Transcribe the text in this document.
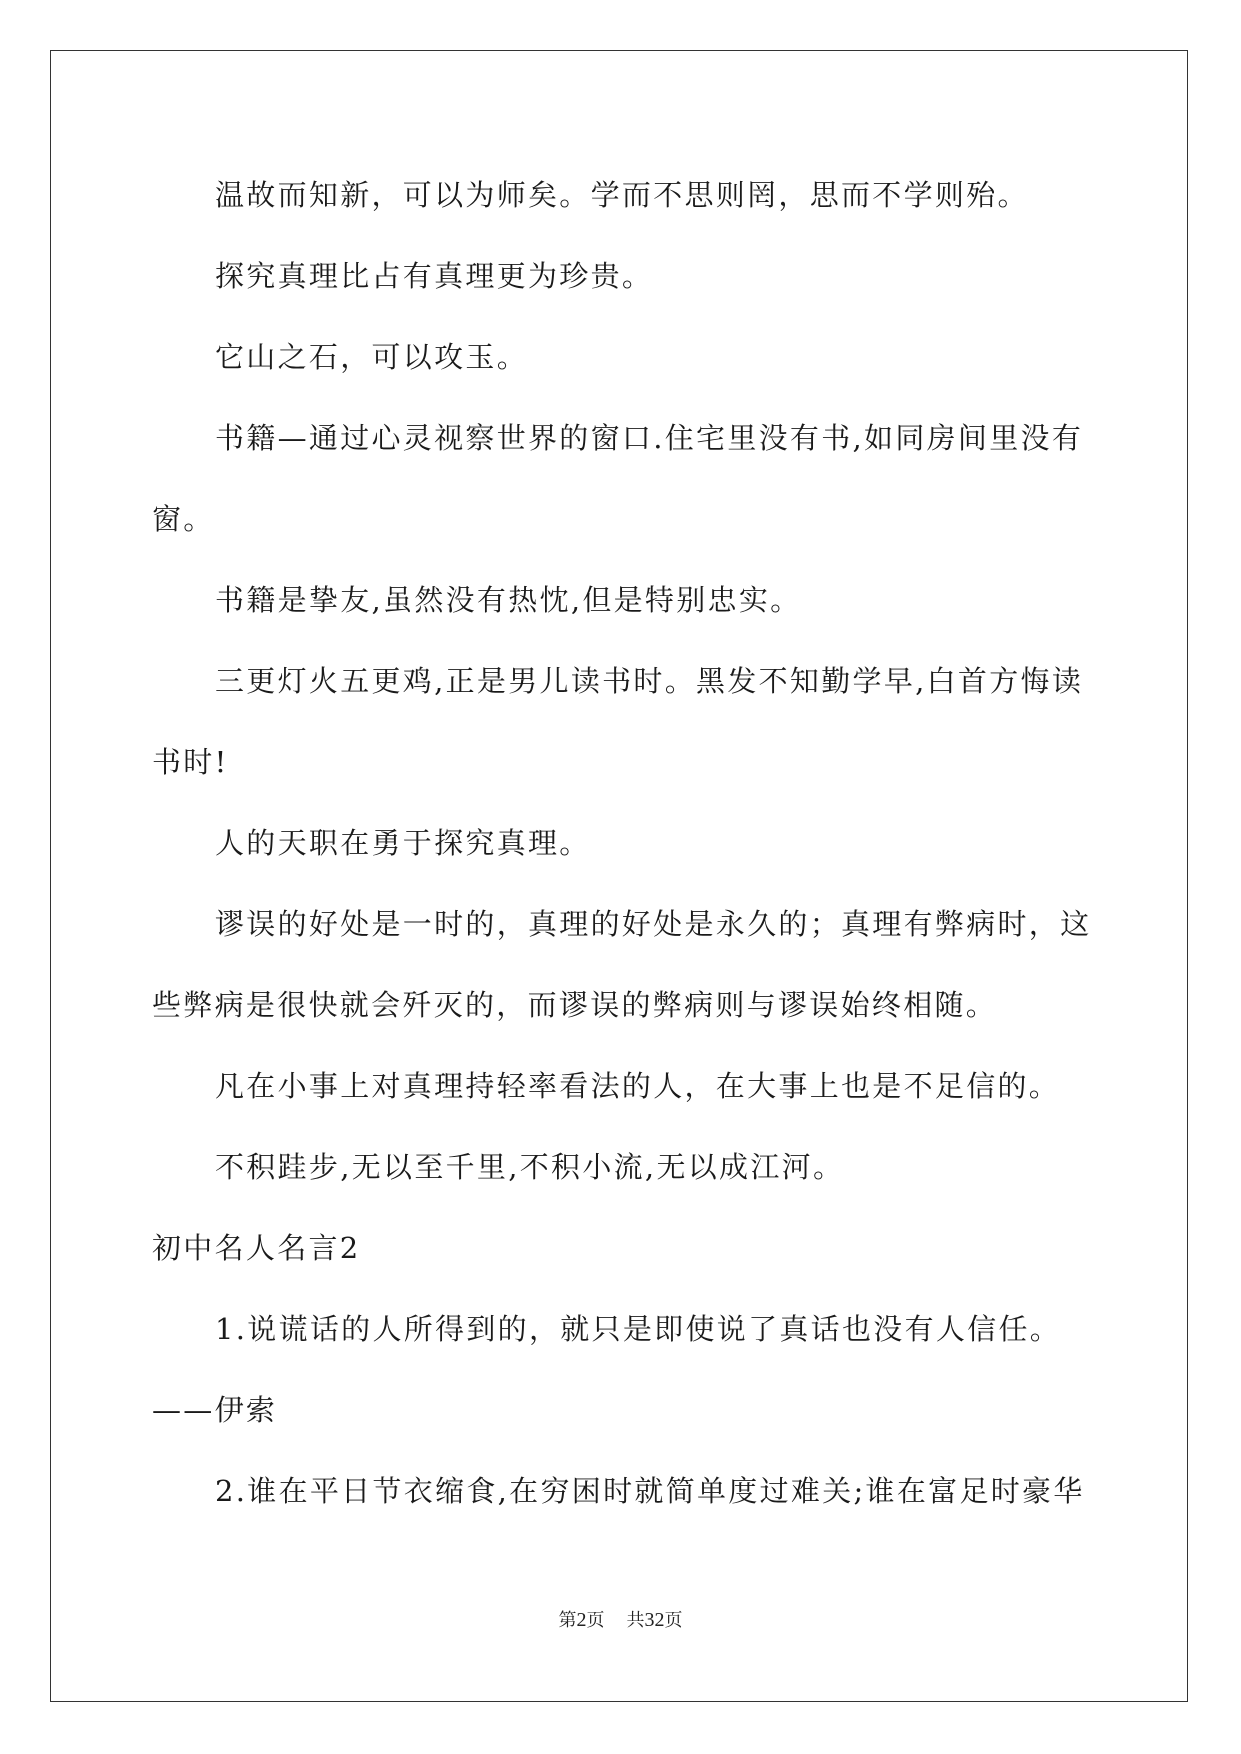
温故而知新，可以为师矣。学而不思则罔，思而不学则殆。

探究真理比占有真理更为珍贵。

它山之石，可以攻玉。

书籍—通过心灵视察世界的窗口.住宅里没有书,如同房间里没有窗。

书籍是挚友,虽然没有热忱,但是特别忠实。

三更灯火五更鸡,正是男儿读书时。黑发不知勤学早,白首方悔读书时!

人的天职在勇于探究真理。

谬误的好处是一时的，真理的好处是永久的；真理有弊病时，这些弊病是很快就会歼灭的，而谬误的弊病则与谬误始终相随。

凡在小事上对真理持轻率看法的人，在大事上也是不足信的。

不积跬步,无以至千里,不积小流,无以成江河。

初中名人名言2

1.说谎话的人所得到的，就只是即使说了真话也没有人信任。——伊索

2.谁在平日节衣缩食,在穷困时就简单度过难关;谁在富足时豪华

第2页 共32页
